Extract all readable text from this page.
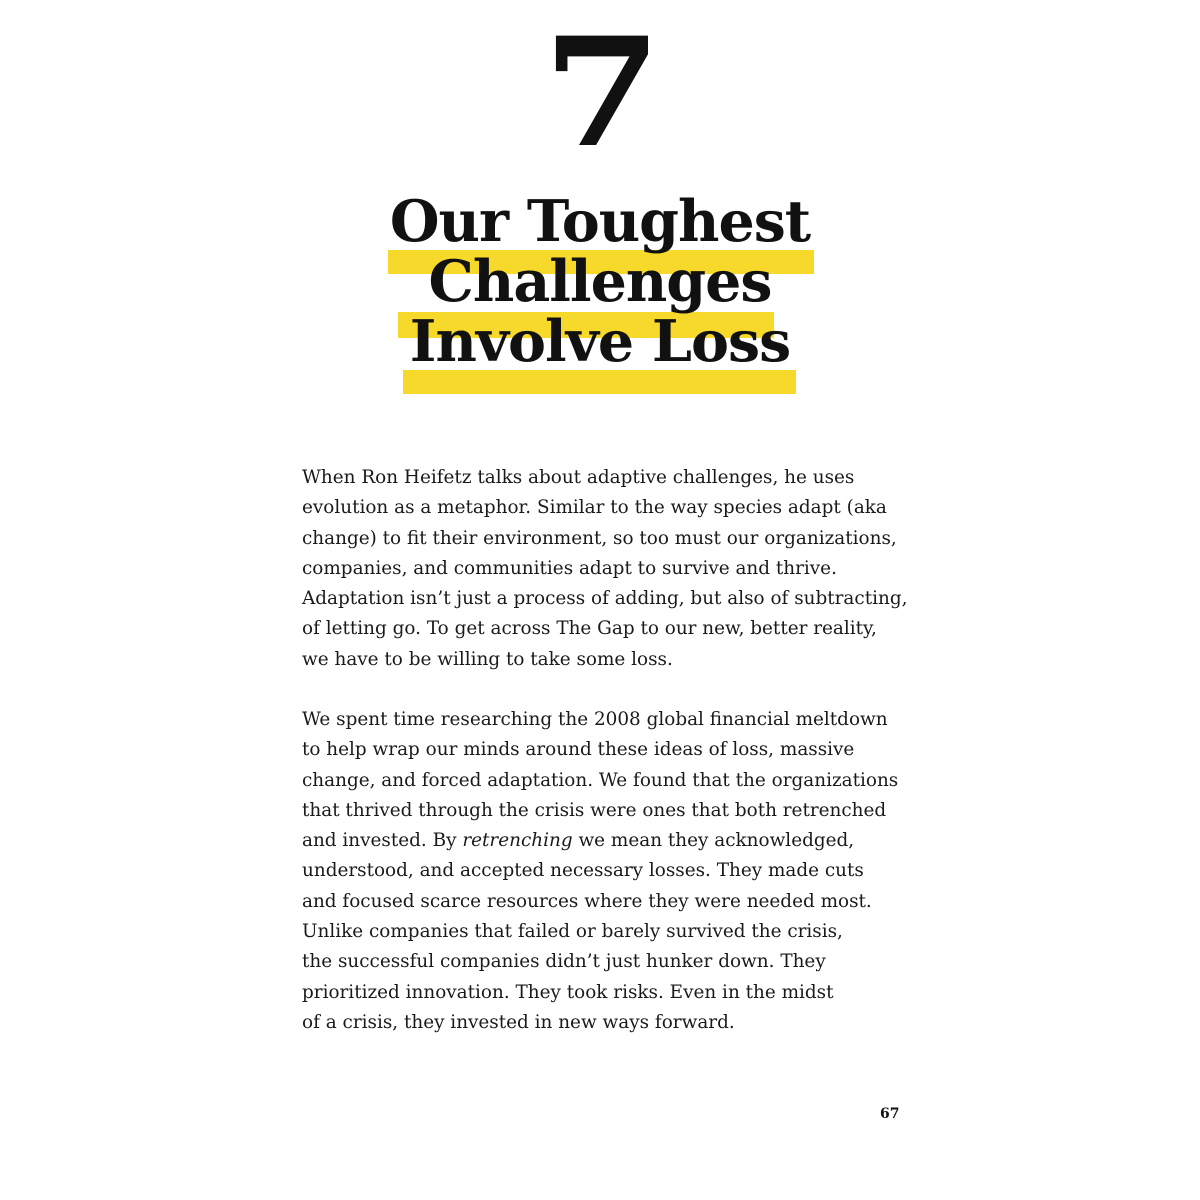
7
Our Toughest
Challenges
Involve Loss
When Ron Heifetz talks about adaptive challenges, he uses
evolution as a metaphor. Similar to the way species adapt (aka
change) to fit their environment, so too must our organizations,
companies, and communities adapt to survive and thrive.
Adaptation isn’t just a process of adding, but also of subtracting,
of letting go. To get across The Gap to our new, better reality,
we have to be willing to take some loss.
We spent time researching the 2008 global financial meltdown
to help wrap our minds around these ideas of loss, massive
change, and forced adaptation. We found that the organizations
that thrived through the crisis were ones that both retrenched
and invested. By retrenching we mean they acknowledged,
understood, and accepted necessary losses. They made cuts
and focused scarce resources where they were needed most.
Unlike companies that failed or barely survived the crisis,
the successful companies didn’t just hunker down. They
prioritized innovation. They took risks. Even in the midst
of a crisis, they invested in new ways forward.
67
